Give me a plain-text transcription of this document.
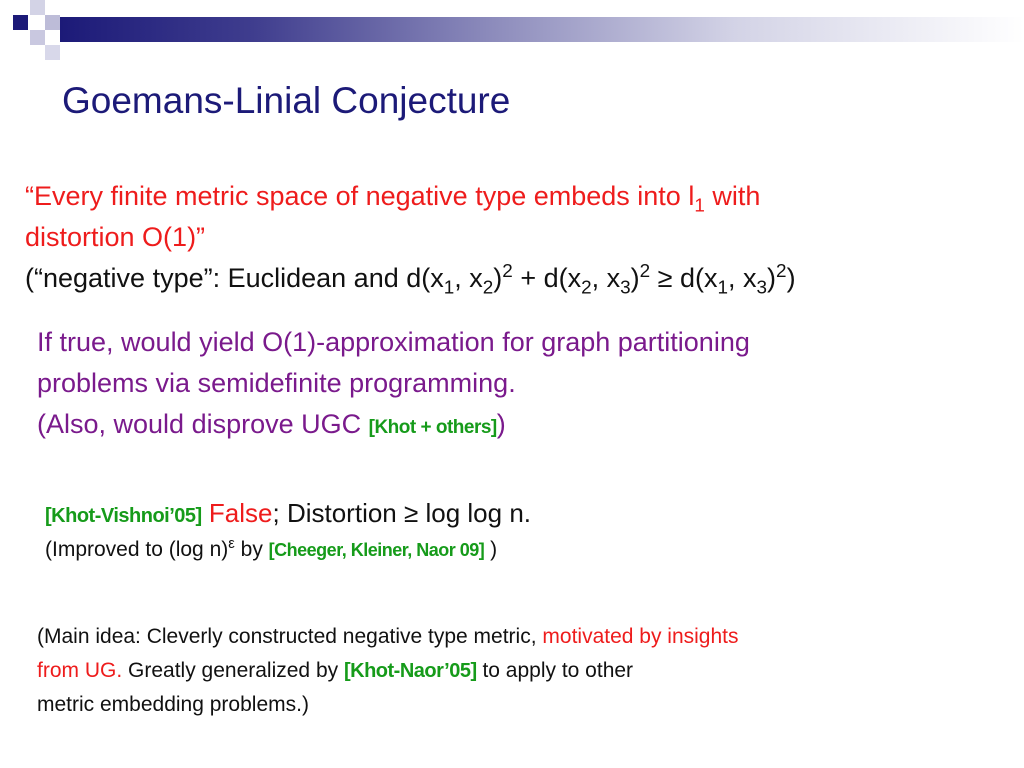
Goemans-Linial Conjecture
“Every finite metric space of negative type embeds into $l_1$ with
distortion O(1)”
(“negative type”: Euclidean and $d(x_1$, $x_2)^2 + d(x_2$, $x_3)^2 \ge d(x_1$, $x_3)^2$)
If true, would yield O(1)-approximation for graph partitioning
problems via semidefinite programming.
(Also, would disprove UGC [Khot + others])
[Khot-Vishnoi’05] False; Distortion ≥ log log n.
(Improved to (log n)$^\varepsilon$ by [Cheeger, Kleiner, Naor 09] )
(Main idea: Cleverly constructed negative type metric, motivated by insights
from UG. Greatly generalized by [Khot-Naor’05] to apply to other
metric embedding problems.)
